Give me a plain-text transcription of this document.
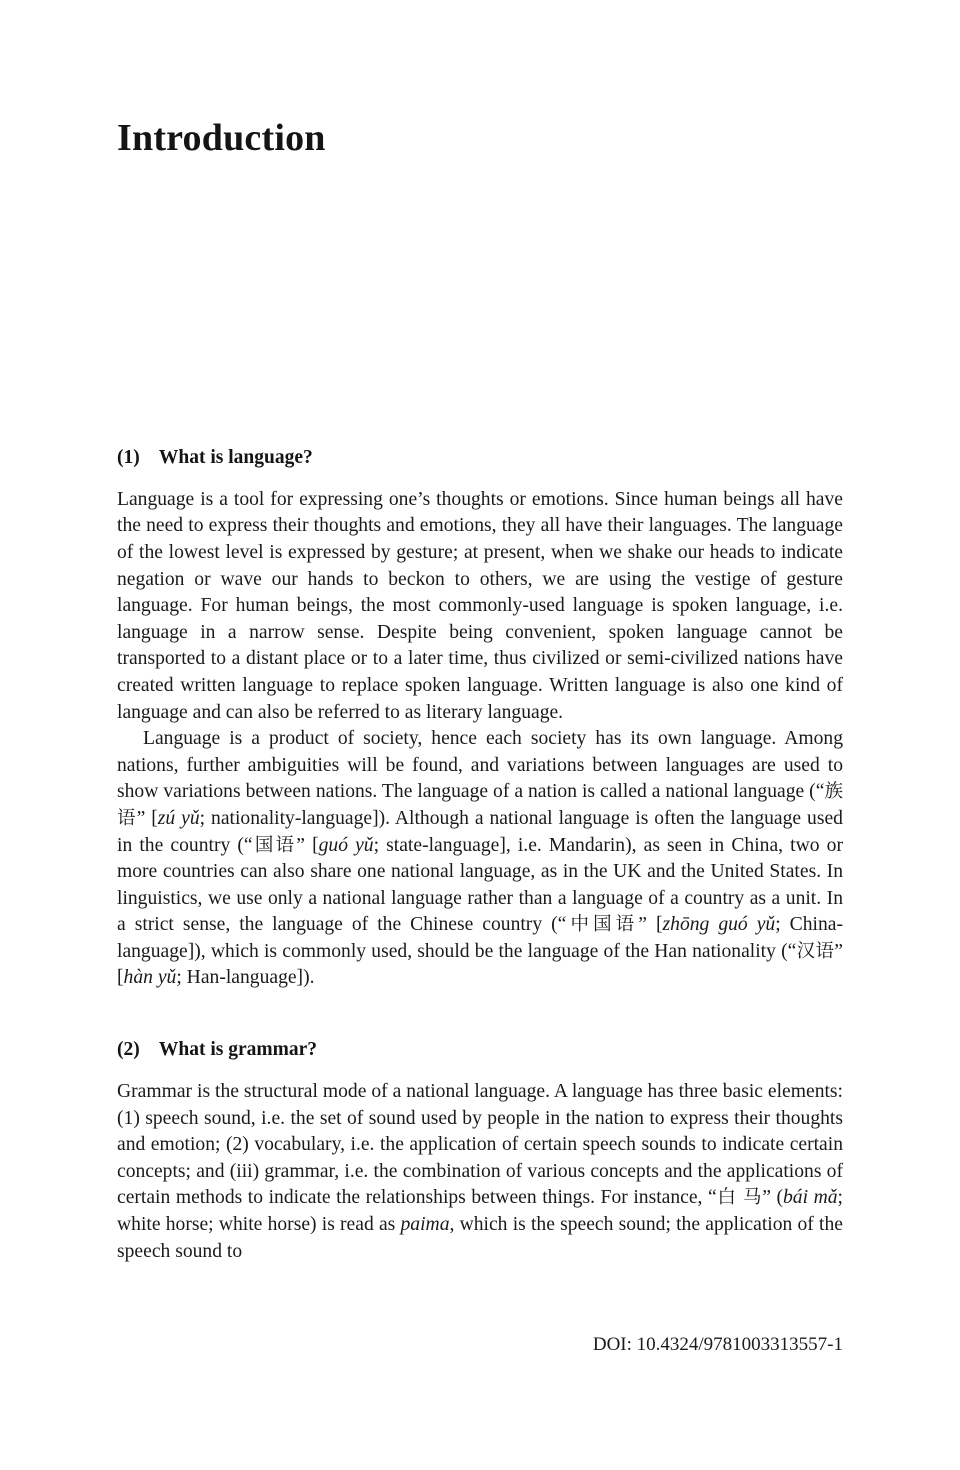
Introduction
(1)    What is language?

Language is a tool for expressing one’s thoughts or emotions. Since human beings all have the need to express their thoughts and emotions, they all have their languages. The language of the lowest level is expressed by gesture; at present, when we shake our heads to indicate negation or wave our hands to beckon to others, we are using the vestige of gesture language. For human beings, the most commonly-used language is spoken language, i.e. language in a narrow sense. Despite being convenient, spoken language cannot be transported to a distant place or to a later time, thus civilized or semi-civilized nations have created written language to replace spoken language. Written language is also one kind of language and can also be referred to as literary language.

Language is a product of society, hence each society has its own language. Among nations, further ambiguities will be found, and variations between languages are used to show variations between nations. The language of a nation is called a national language (“族语” [zú yǔ; nationality-language]). Although a national language is often the language used in the country (“国语” [guó yǔ; state-language], i.e. Mandarin), as seen in China, two or more countries can also share one national language, as in the UK and the United States. In linguistics, we use only a national language rather than a language of a country as a unit. In a strict sense, the language of the Chinese country (“中国语” [zhōng guó yǔ; China-language]), which is commonly used, should be the language of the Han nationality (“汉语” [hàn yǔ; Han-language]).

(2)    What is grammar?

Grammar is the structural mode of a national language. A language has three basic elements: (1) speech sound, i.e. the set of sound used by people in the nation to express their thoughts and emotion; (2) vocabulary, i.e. the application of certain speech sounds to indicate certain concepts; and (iii) grammar, i.e. the combination of various concepts and the applications of certain methods to indicate the relationships between things. For instance, “白 马” (bái mǎ; white horse; white horse) is read as paima, which is the speech sound; the application of the speech sound to

DOI: 10.4324/9781003313557-1
